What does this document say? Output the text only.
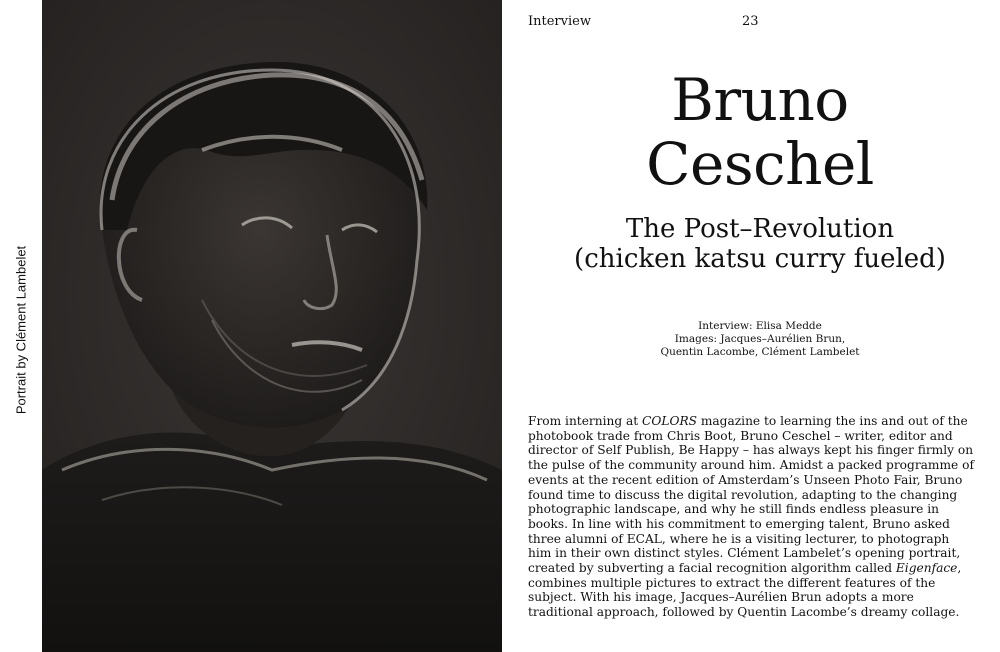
Portrait by Clément Lambelet
Interview	23
Bruno
Ceschel
The Post–Revolution
(chicken katsu curry fueled)
Interview: Elisa Medde
Images: Jacques–Aurélien Brun,
Quentin Lacombe, Clément Lambelet

From interning at COLORS magazine to learning the ins and out of the photobook trade from Chris Boot, Bruno Ceschel – writer, editor and director of Self Publish, Be Happy – has always kept his finger firmly on the pulse of the community around him. Amidst a packed programme of events at the recent edition of Amsterdam’s Unseen Photo Fair, Bruno found time to discuss the digital revolution, adapting to the changing photographic landscape, and why he still finds endless pleasure in books. In line with his commitment to emerging talent, Bruno asked three alumni of ECAL, where he is a visiting lecturer, to photograph him in their own distinct styles. Clément Lambelet’s opening portrait, created by subverting a facial recognition algorithm called Eigenface, combines multiple pictures to extract the different features of the subject. With his image, Jacques–Aurélien Brun adopts a more traditional approach, followed by Quentin Lacombe’s dreamy collage.
